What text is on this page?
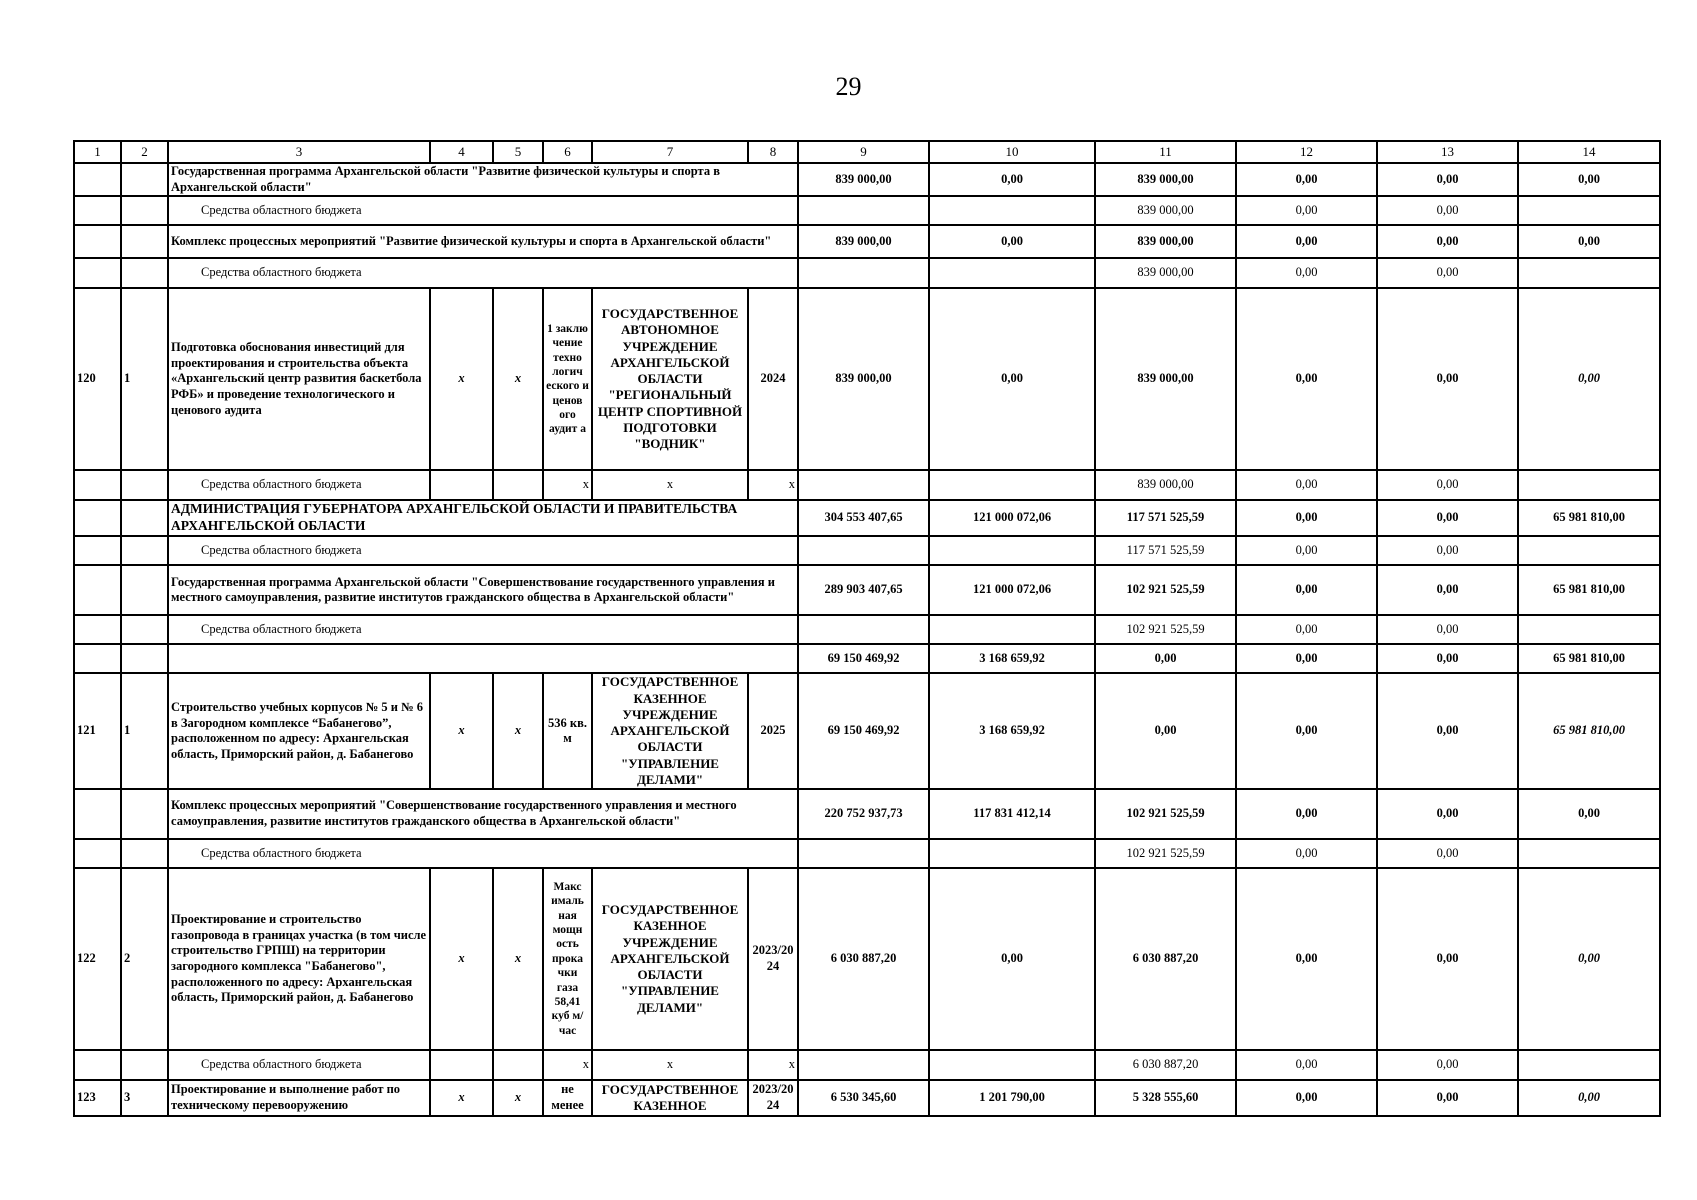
29
1	2	3	4	5	6	7	8	9	10	11	12	13	14
		Государственная программа Архангельской области "Развитие физической культуры и спорта в Архангельской области"						839 000,00	0,00	839 000,00	0,00	0,00	0,00
		Средства областного бюджета								839 000,00	0,00	0,00	
		Комплекс процессных мероприятий "Развитие физической культуры и спорта в Архангельской области"						839 000,00	0,00	839 000,00	0,00	0,00	0,00
		Средства областного бюджета								839 000,00	0,00	0,00	
120	1	Подготовка обоснования инвестиций для проектирования и строительства объекта «Архангельский центр развития баскетбола РФБ» и проведение технологического и ценового аудита	x	x	1 заклю чение техно логич еского и ценов ого аудит а	ГОСУДАРСТВЕННОЕ АВТОНОМНОЕ УЧРЕЖДЕНИЕ АРХАНГЕЛЬСКОЙ ОБЛАСТИ "РЕГИОНАЛЬНЫЙ ЦЕНТР СПОРТИВНОЙ ПОДГОТОВКИ "ВОДНИК"	2024	839 000,00	0,00	839 000,00	0,00	0,00	0,00
		Средства областного бюджета			х	х	х			839 000,00	0,00	0,00	
		АДМИНИСТРАЦИЯ ГУБЕРНАТОРА АРХАНГЕЛЬСКОЙ ОБЛАСТИ И ПРАВИТЕЛЬСТВА АРХАНГЕЛЬСКОЙ ОБЛАСТИ						304 553 407,65	121 000 072,06	117 571 525,59	0,00	0,00	65 981 810,00
		Средства областного бюджета								117 571 525,59	0,00	0,00	
		Государственная программа Архангельской области "Совершенствование государственного управления и местного самоуправления, развитие институтов гражданского общества в Архангельской области"						289 903 407,65	121 000 072,06	102 921 525,59	0,00	0,00	65 981 810,00
		Средства областного бюджета								102 921 525,59	0,00	0,00	
								69 150 469,92	3 168 659,92	0,00	0,00	0,00	65 981 810,00
121	1	Строительство учебных корпусов № 5 и № 6 в Загородном комплексе “Бабанегово”, расположенном по адресу: Архангельская область, Приморский район, д. Бабанегово	x	x	536 кв. м	ГОСУДАРСТВЕННОЕ КАЗЕННОЕ УЧРЕЖДЕНИЕ АРХАНГЕЛЬСКОЙ ОБЛАСТИ "УПРАВЛЕНИЕ ДЕЛАМИ"	2025	69 150 469,92	3 168 659,92	0,00	0,00	0,00	65 981 810,00
		Комплекс процессных мероприятий "Совершенствование государственного управления и местного самоуправления, развитие институтов гражданского общества в Архангельской области"						220 752 937,73	117 831 412,14	102 921 525,59	0,00	0,00	0,00
		Средства областного бюджета								102 921 525,59	0,00	0,00	
122	2	Проектирование и строительство газопровода в границах участка (в том числе строительство ГРПШ) на территории загородного комплекса "Бабанегово", расположенного по адресу: Архангельская область, Приморский район, д. Бабанегово	x	x	Макс ималь ная мощн ость прока чки газа 58,41 куб м/час	ГОСУДАРСТВЕННОЕ КАЗЕННОЕ УЧРЕЖДЕНИЕ АРХАНГЕЛЬСКОЙ ОБЛАСТИ "УПРАВЛЕНИЕ ДЕЛАМИ"	2023/20 24	6 030 887,20	0,00	6 030 887,20	0,00	0,00	0,00
		Средства областного бюджета			х	х	х			6 030 887,20	0,00	0,00	
123	3	Проектирование и выполнение работ по техническому перевооружению	x	x	не менее	ГОСУДАРСТВЕННОЕ КАЗЕННОЕ	2023/20 24	6 530 345,60	1 201 790,00	5 328 555,60	0,00	0,00	0,00
